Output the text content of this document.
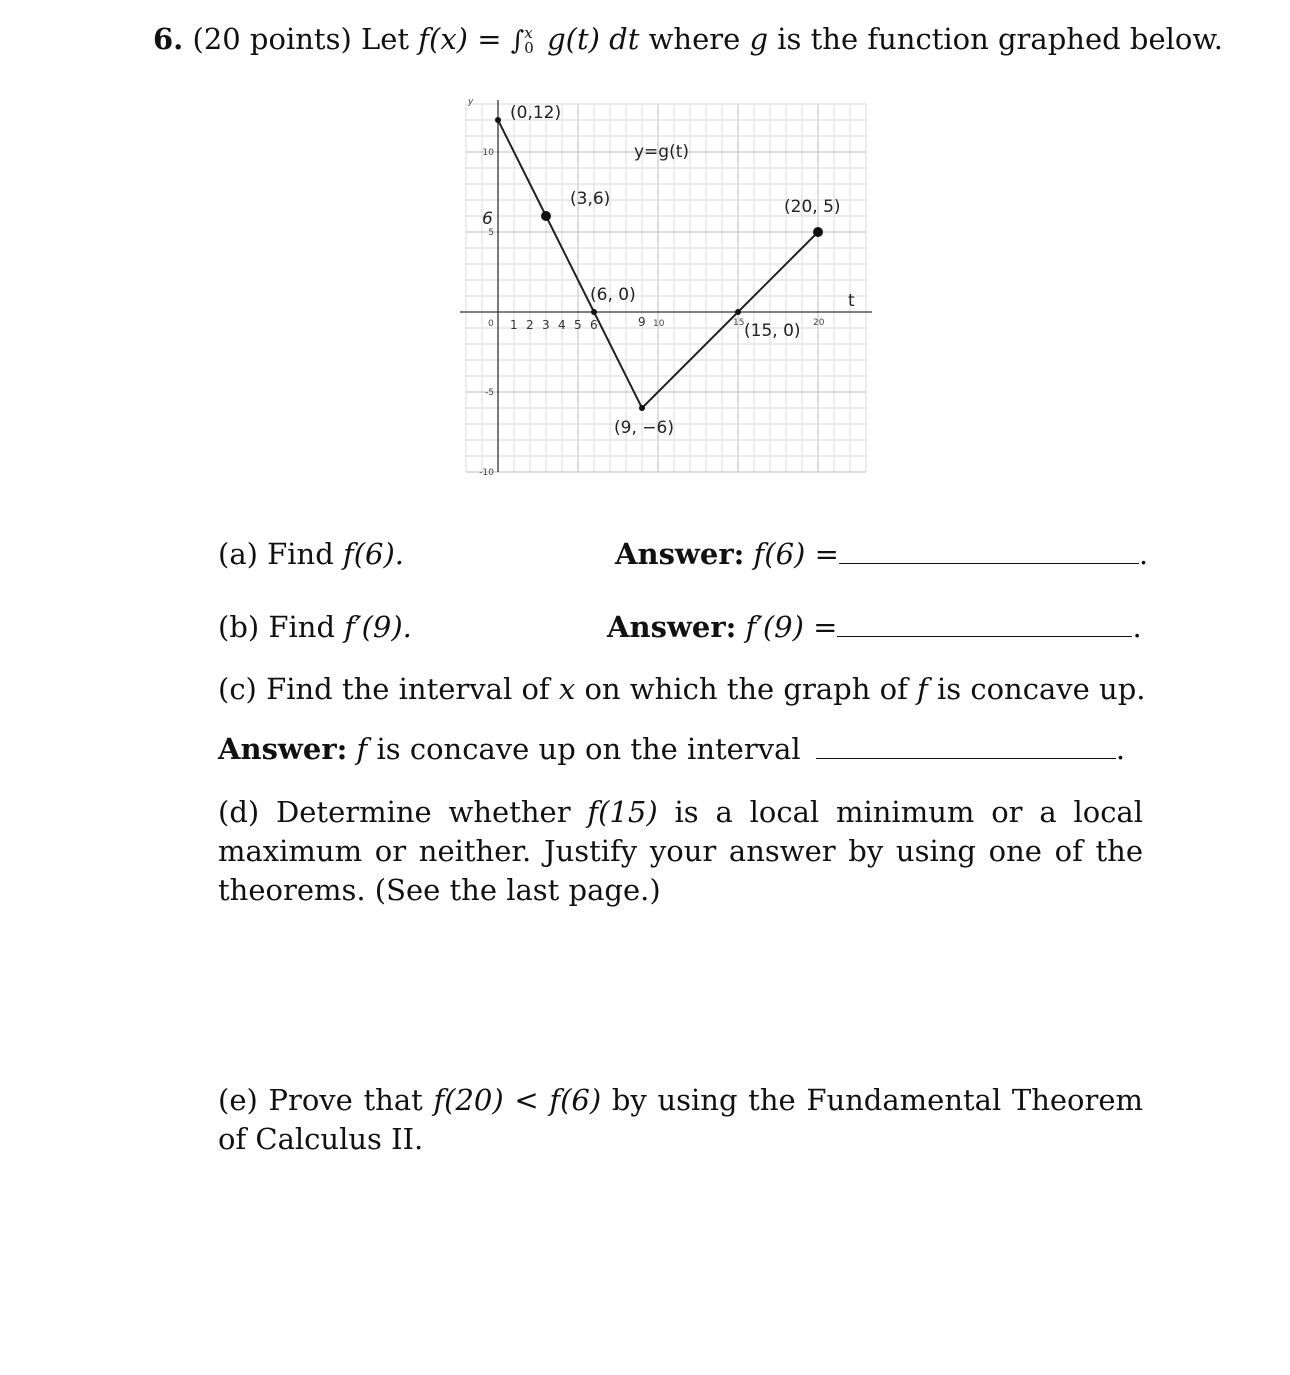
6. (20 points) Let f(x) = ∫ x
0 g(t) dt where g is the function graphed below.
y
t
0 1 2 3 4 5 6	9 10	15	20
10
5
-5
-10
6
(0,12)
(3,6)
(6, 0)
(9, −6)
(15, 0)
(20, 5)
y=g(t)
(a) Find f(6).	Answer: f(6) =	.
(b) Find f′(9).	Answer: f′(9) =	.
(c) Find the interval of x on which the graph of f is concave up.
Answer: f is concave up on the interval	.
(d) Determine whether f(15) is a local minimum or a local maximum or neither. Justify your answer by using one of the theorems. (See the last page.)
(e) Prove that f(20) < f(6) by using the Fundamental Theorem of Calculus II.
